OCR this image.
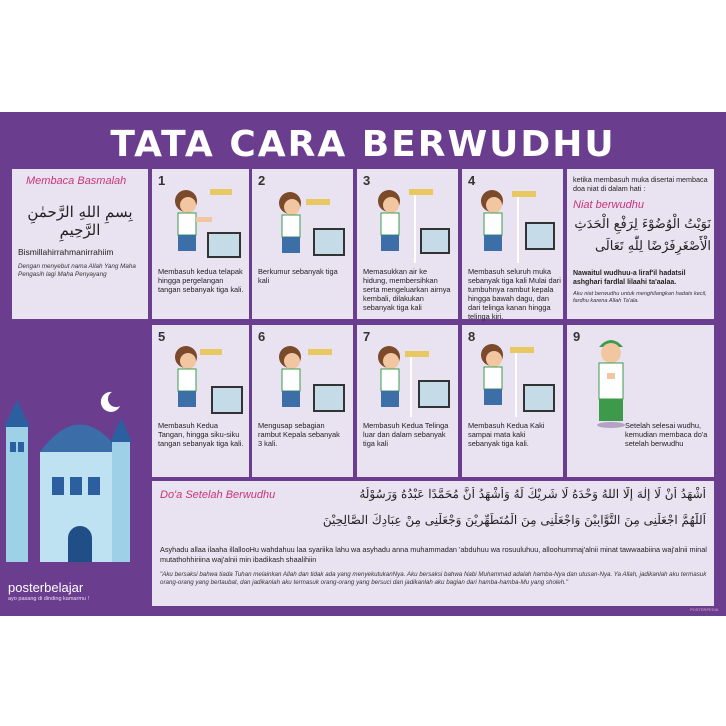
TATA CARA BERWUDHU
Membaca Basmalah
بِسمِ اللهِ الرَّحمٰنِ الرَّحِيمِ
Bismillahirrahmanirrahiim
Dengan menyebut nama Allah Yang Maha Pengasih lagi Maha Penyayang
posterbelajar
ayo pasang di dinding kamarmu !
1
Membasuh kedua telapak hingga pergelangan tangan sebanyak tiga kali.
2
Berkumur sebanyak tiga kali
3
Memasukkan air ke hidung, membersihkan serta mengeluarkan airnya kembali, dilakukan sebanyak tiga kali
4
Membasuh seluruh muka sebanyak tiga kali Mulai dari tumbuhnya rambut kepala hingga bawah dagu, dan dari telinga kanan hingga telinga kiri.
ketika membasuh muka disertai membaca doa niat di dalam hati :
Niat berwudhu
نَوَيْتُ الْوُضُوْءَ لِرَفْعِ الْحَدَثِ
الْأَصْغَرِفَرْضًا لِلّٰهِ تَعَالَى
Nawaitul wudhuu-a liraf'il hadatsil ashghari fardlal lilaahi ta'aalaa.
Aku niat berwudhu untuk menghilangkan hadats kecil, fardhu karena Allah Ta'ala.
5
Membasuh Kedua Tangan, hingga siku-siku tangan sebanyak tiga kali.
6
Mengusap sebagian rambut Kepala sebanyak 3 kali.
7
Membasuh Kedua Telinga luar dan dalam sebanyak tiga kali
8
Membasuh Kedua Kaki sampai mata kaki sebanyak tiga kali.
9
Setelah selesai wudhu, kemudian membaca do'a setelah berwudhu
Do'a Setelah Berwudhu	أَشْهَدُ أَنْ لَا إِلٰهَ إِلَّا اللهُ وَحْدَهُ لَا شَرِيْكَ لَهُ وَأَشْهَدُ أَنَّ مُحَمَّدًا عَبْدُهُ وَرَسُوْلُهُ
اَللّٰهُمَّ اجْعَلْنِى مِنَ التَّوَّابِيْنَ وَاجْعَلْنِى مِنَ الْمُتَطَهِّرِيْنَ وَجْعَلْنِى مِنْ عِبَادِكَ الصَّالِحِيْنَ
Asyhadu allaa ilaaha illallooHu wahdahuu laa syariika lahu wa asyhadu anna muhammadan 'abduhuu wa rosuuluhuu, alloohummaj'alnii minat tawwaabiina waj'alnii minal mutathohhiriina waj'alnii min ibadikash shaalihiin
"Aku bersaksi bahwa tiada Tuhan melainkan Allah dan tidak ada yang menyekutukanNya. Aku bersaksi bahwa Nabi Muhammad adalah hamba-Nya dan utusan-Nya. Ya Allah, jadikanlah aku termasuk orang-orang yang bertaubat, dan jadikanlah aku termasuk orang-orang yang bersuci dan jadikanlah aku bagian dari hamba-hamba-Mu yang sholeh."
POSTERPEDIA
